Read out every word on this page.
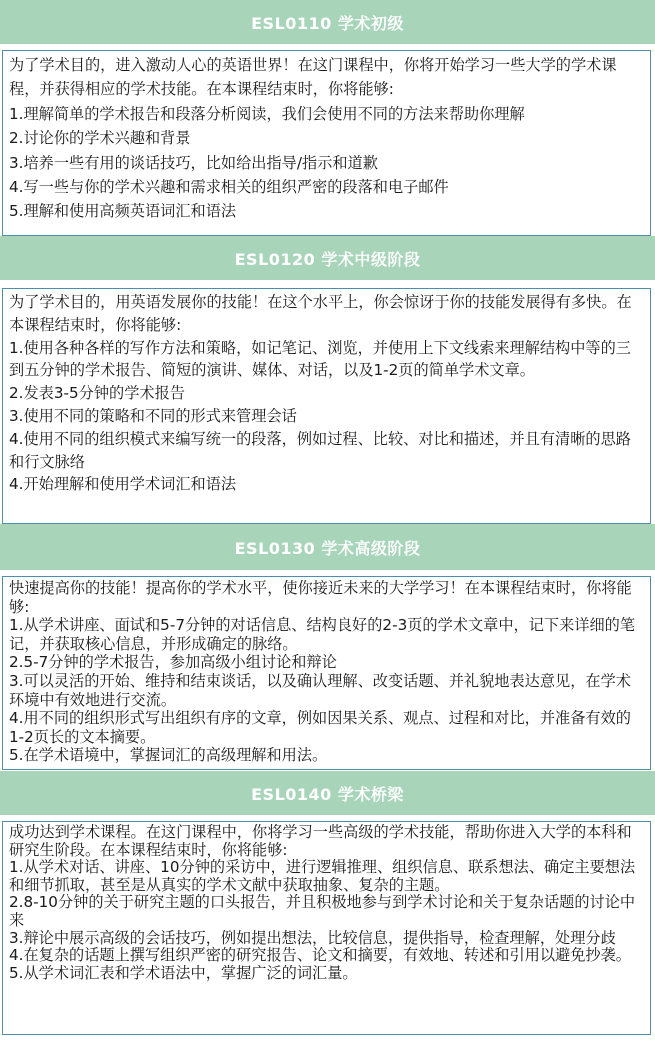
ESL0110 学术初级

为了学术目的，进入激动人心的英语世界！在这门课程中，你将开始学习一些大学的学术课程，并获得相应的学术技能。在本课程结束时，你将能够:

1.理解简单的学术报告和段落分析阅读，我们会使用不同的方法来帮助你理解

2.讨论你的学术兴趣和背景

3.培养一些有用的谈话技巧，比如给出指导/指示和道歉

4.写一些与你的学术兴趣和需求相关的组织严密的段落和电子邮件

5.理解和使用高频英语词汇和语法

ESL0120 学术中级阶段

为了学术目的，用英语发展你的技能！在这个水平上，你会惊讶于你的技能发展得有多快。在本课程结束时，你将能够:

1.使用各种各样的写作方法和策略，如记笔记、浏览，并使用上下文线索来理解结构中等的三到五分钟的学术报告、简短的演讲、媒体、对话，以及1-2页的简单学术文章。

2.发表3-5分钟的学术报告

3.使用不同的策略和不同的形式来管理会话

4.使用不同的组织模式来编写统一的段落，例如过程、比较、对比和描述，并且有清晰的思路和行文脉络

4.开始理解和使用学术词汇和语法

ESL0130 学术高级阶段

快速提高你的技能！提高你的学术水平，使你接近未来的大学学习！在本课程结束时，你将能够:

1.从学术讲座、面试和5-7分钟的对话信息、结构良好的2-3页的学术文章中，记下来详细的笔记，并获取核心信息，并形成确定的脉络。

2.5-7分钟的学术报告，参加高级小组讨论和辩论

3.可以灵活的开始、维持和结束谈话，以及确认理解、改变话题、并礼貌地表达意见，在学术环境中有效地进行交流。

4.用不同的组织形式写出组织有序的文章，例如因果关系、观点、过程和对比，并准备有效的1-2页长的文本摘要。

5.在学术语境中，掌握词汇的高级理解和用法。

ESL0140 学术桥梁

成功达到学术课程。在这门课程中，你将学习一些高级的学术技能，帮助你进入大学的本科和研究生阶段。在本课程结束时，你将能够:

1.从学术对话、讲座、10分钟的采访中，进行逻辑推理、组织信息、联系想法、确定主要想法和细节抓取，甚至是从真实的学术文献中获取抽象、复杂的主题。

2.8-10分钟的关于研究主题的口头报告，并且积极地参与到学术讨论和关于复杂话题的讨论中来

3.辩论中展示高级的会话技巧，例如提出想法，比较信息，提供指导，检查理解，处理分歧

4.在复杂的话题上撰写组织严密的研究报告、论文和摘要，有效地、转述和引用以避免抄袭。

5.从学术词汇表和学术语法中，掌握广泛的词汇量。
